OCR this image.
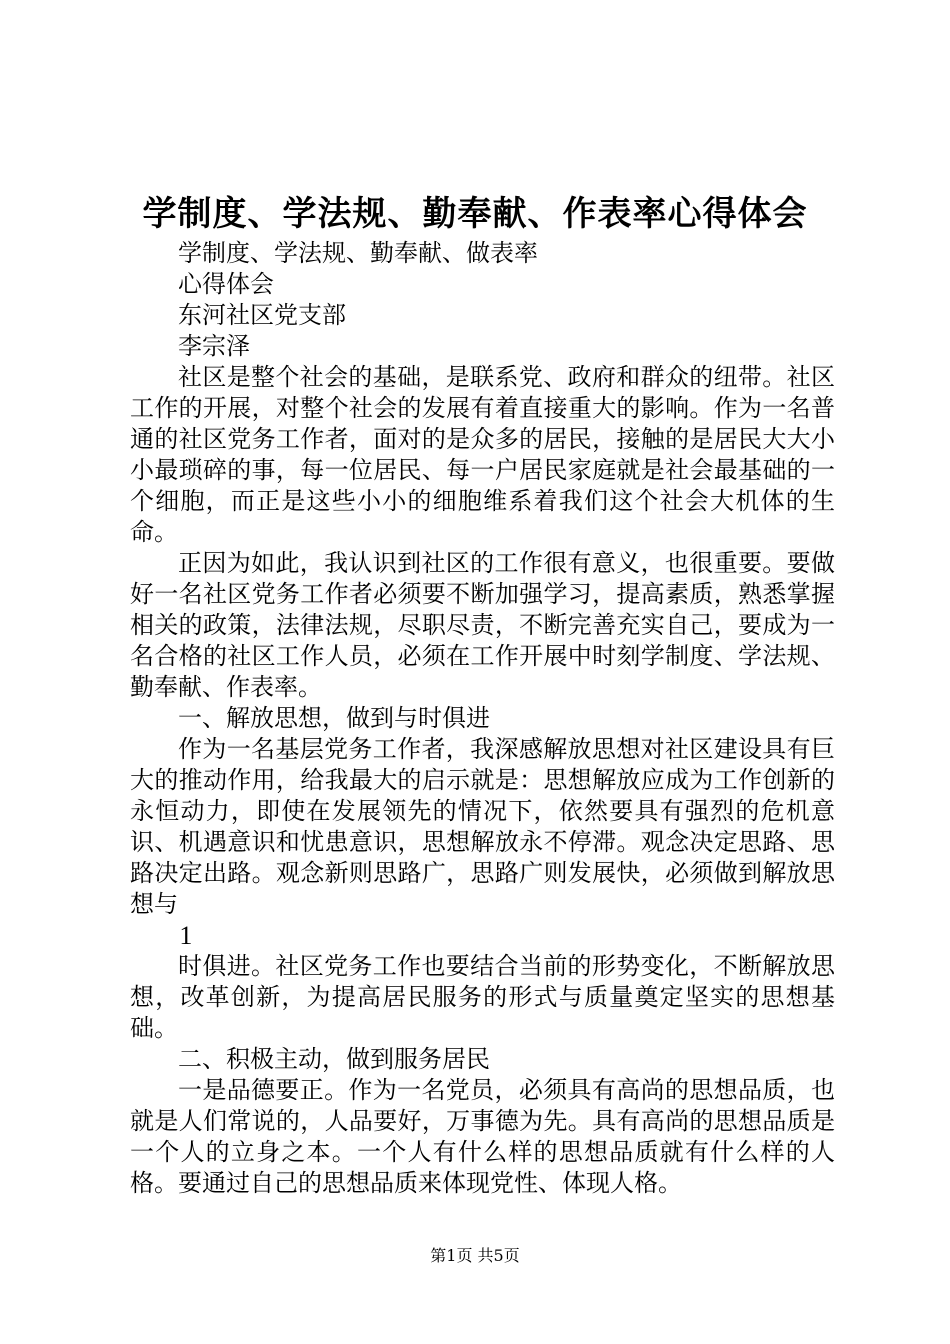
学制度、学法规、勤奉献、作表率心得体会

学制度、学法规、勤奉献、做表率

心得体会

东河社区党支部

李宗泽

社区是整个社会的基础，是联系党、政府和群众的纽带。社区工作的开展，对整个社会的发展有着直接重大的影响。作为一名普通的社区党务工作者，面对的是众多的居民，接触的是居民大大小小最琐碎的事，每一位居民、每一户居民家庭就是社会最基础的一个细胞，而正是这些小小的细胞维系着我们这个社会大机体的生命。

正因为如此，我认识到社区的工作很有意义，也很重要。要做好一名社区党务工作者必须要不断加强学习，提高素质，熟悉掌握相关的政策，法律法规，尽职尽责，不断完善充实自己，要成为一名合格的社区工作人员，必须在工作开展中时刻学制度、学法规、勤奉献、作表率。

一、解放思想，做到与时俱进

作为一名基层党务工作者，我深感解放思想对社区建设具有巨大的推动作用，给我最大的启示就是：思想解放应成为工作创新的永恒动力，即使在发展领先的情况下，依然要具有强烈的危机意识、机遇意识和忧患意识，思想解放永不停滞。观念决定思路、思路决定出路。观念新则思路广，思路广则发展快，必须做到解放思想与

1

时俱进。社区党务工作也要结合当前的形势变化，不断解放思想，改革创新，为提高居民服务的形式与质量奠定坚实的思想基础。

二、积极主动，做到服务居民

一是品德要正。作为一名党员，必须具有高尚的思想品质，也就是人们常说的，人品要好，万事德为先。具有高尚的思想品质是一个人的立身之本。一个人有什么样的思想品质就有什么样的人格。要通过自己的思想品质来体现党性、体现人格。

第1页 共5页
